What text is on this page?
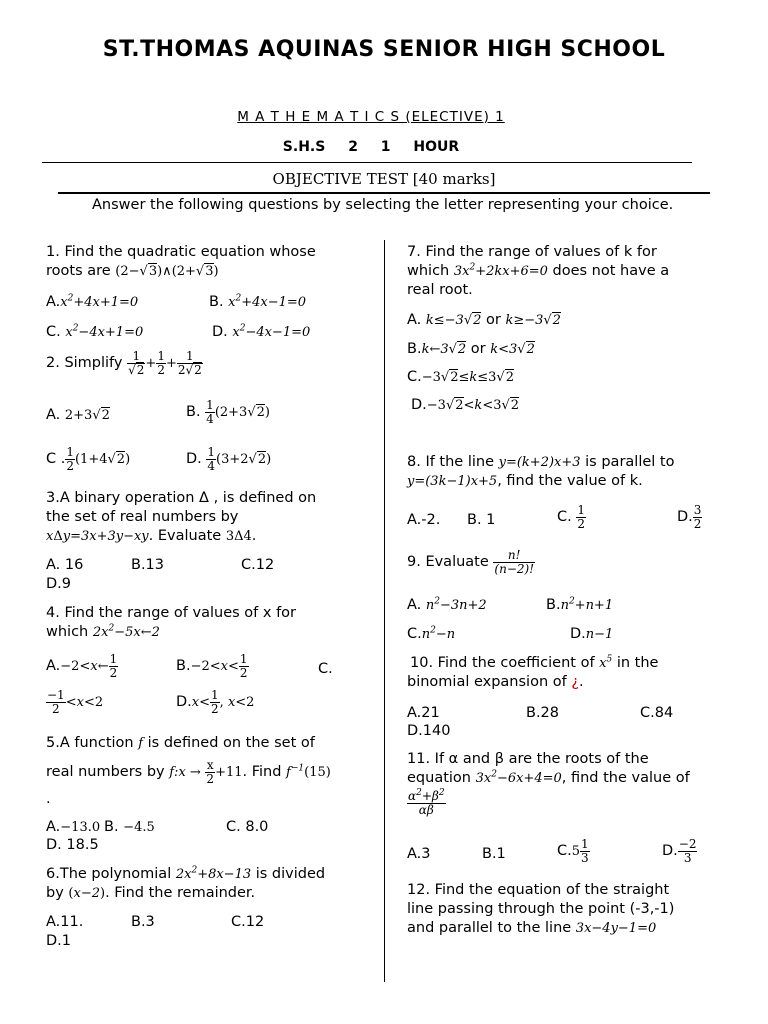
ST.THOMAS AQUINAS SENIOR HIGH SCHOOL
M A T H E M A T I C S (ELECTIVE) 1
S.H.S 2 1 HOUR
OBJECTIVE TEST [40 marks]
Answer the following questions by selecting the letter representing your choice.
1. Find the quadratic equation whose
roots are (2−√3)∧(2+√3)
$A.x^2+4x+1=0$	B. $x^2+4x-1=0$
C. $x^2-4x+1=0$	D. $x^2-4x-1=0$
2. Simplify $\frac{1}{√2} + \frac{1}{2} + \frac{1}{2√2}$
A. 2+3√2	B. $\frac{1}{4} (2+3√2)$
C . $\frac{1}{2} (1+4√2)$	D. $\frac{1}{4} (3+2√2)$
3.A binary operation Δ , is defined on
the set of real numbers by
xΔy=3x+3y−xy. Evaluate 3Δ4.
A. 16	B.13	C.12
D.9
4. Find the range of values of x for
which $2x^2-5x\leftarrow 2$
A.−2<x← $\frac{1}{2}$	$B.-2<x< \frac{1}{2}$	C.
$\frac{-1}{2} <x<2$	$D.x< \frac{1}{2}$ , x<2
5.A function f is defined on the set of
real numbers by f:x → $\frac{x}{2} +11$. Find $f^{-1}(15)$
.
A.−13.0 B. −4.5	C. 8.0
D. 18.5
6.The polynomial $2x^2+8x-13$ is divided
by (x−2). Find the remainder.
A.11.	B.3	C.12
D.1
7. Find the range of values of k for
which $3x^2+2kx+6=0$ does not have a
real root.
A. k≤−3√2 or k≥−3√2
B.k←3√2 or k<3√2
C.−3√2≤k≤3√2
D.−3√2<k<3√2
8. If the line y=(k+2)x+3 is parallel to
y=(3k−1)x+5, find the value of k.
A.-2. B. 1	C. $\frac{1}{2}$	D. $\frac{3}{2}$
9. Evaluate $\frac{n!}{(n-2)!}$
A. $n^2-3n+2$	$B.n^2+n+1$
$C.n^2-n$	D.n−1
10. Find the coefficient of $x^5$ in the
binomial expansion of ¿.
A.21	B.28	C.84
D.140
11. If α and β are the roots of the
equation $3x^2-6x+4=0$, find the value of
$\frac{\alpha^2+\beta^2}{\alpha\beta}$
A.3	B.1	$C.5 \frac{1}{3}$	D. $\frac{-2}{3}$
12. Find the equation of the straight
line passing through the point (-3,-1)
and parallel to the line 3x−4y−1=0
